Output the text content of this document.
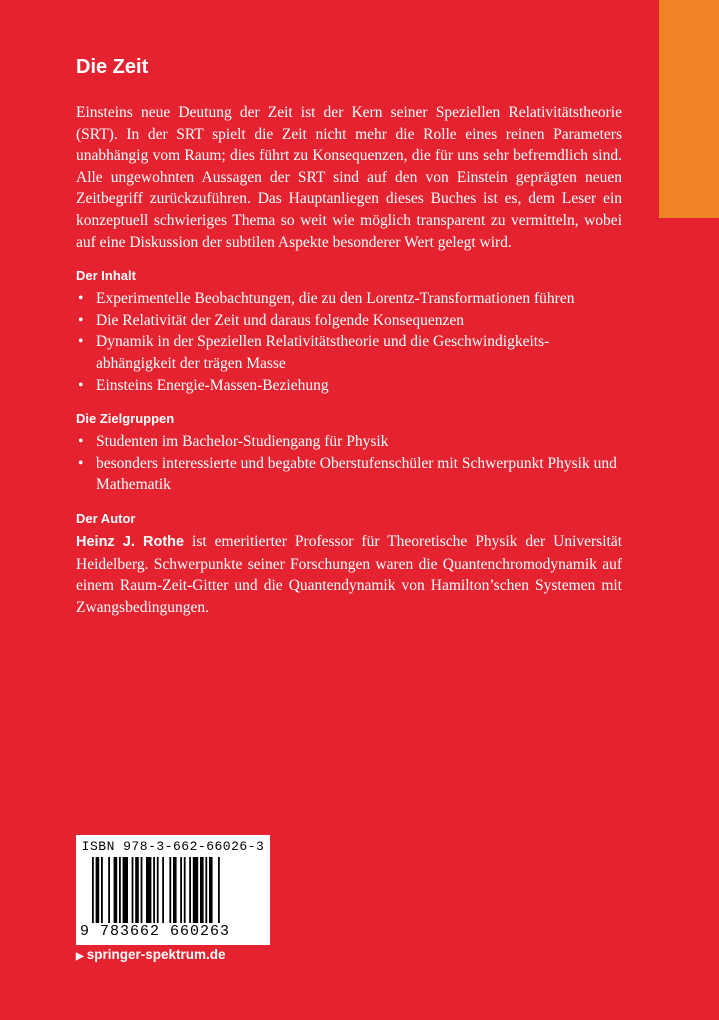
Die Zeit

Einsteins neue Deutung der Zeit ist der Kern seiner Speziellen Relativitätstheorie (SRT). In der SRT spielt die Zeit nicht mehr die Rolle eines reinen Parameters unabhängig vom Raum; dies führt zu Konsequenzen, die für uns sehr befremdlich sind. Alle ungewohnten Aussagen der SRT sind auf den von Einstein geprägten neuen Zeitbegriff zurückzuführen. Das Hauptanliegen dieses Buches ist es, dem Leser ein konzeptuell schwieriges Thema so weit wie möglich transparent zu vermitteln, wobei auf eine Diskussion der subtilen Aspekte besonderer Wert gelegt wird.

Der Inhalt
• Experimentelle Beobachtungen, die zu den Lorentz-Transformationen führen
• Die Relativität der Zeit und daraus folgende Konsequenzen
• Dynamik in der Speziellen Relativitätstheorie und die Geschwindigkeitsabhängigkeit der trägen Masse
• Einsteins Energie-Massen-Beziehung
Die Zielgruppen
• Studenten im Bachelor-Studiengang für Physik
• besonders interessierte und begabte Oberstufenschüler mit Schwerpunkt Physik und Mathematik
Der Autor

Heinz J. Rothe ist emeritierter Professor für Theoretische Physik der Universität Heidelberg. Schwerpunkte seiner Forschungen waren die Quantenchromodynamik auf einem Raum-Zeit-Gitter und die Quantendynamik von Hamilton’schen Systemen mit Zwangsbedingungen.

ISBN 978-3-662-66026-3
9 783662 660263
▶ springer-spektrum.de
